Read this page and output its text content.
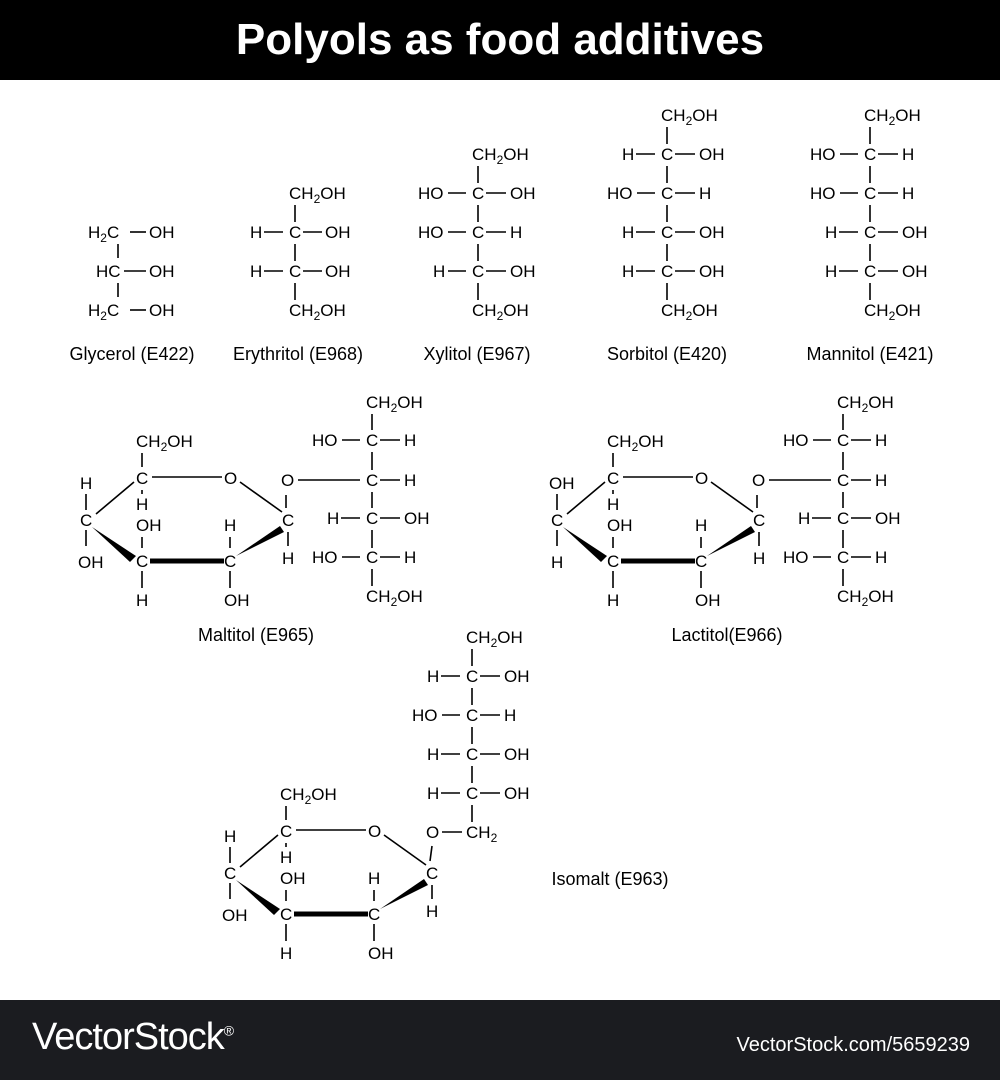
Polyols as food additives
$H_2C$
HC
$H_2C$
OH
OH
OH
Glycerol (E422)
$CH_2OH$
H C OH
H C OH
$CH_2OH$
Erythritol (E968)
$CH_2OH$
HO C OH
HO C H
H C OH
$CH_2OH$
Xylitol (E967)
$CH_2OH$
H C OH
HO C H
H C OH
H C OH
$CH_2OH$
Sorbitol (E420)
$CH_2OH$
HO C H
HO C H
H C OH
H C OH
$CH_2OH$
Mannitol (E421)
$CH_2OH$
C
H
O
C
H
O
H
C
OH C
OH
H
C
H
OH
$CH_2OH$
HO C H
C H
H C OH
HO C H
$CH_2OH$
Maltitol (E965)
$CH_2OH$
C
H
O
C
H
O
OH
C
H	C
OH
H
C
H
OH
$CH_2OH$
HO C H
C H
H C OH
HO C H
$CH_2OH$
Lactitol(E966)
$CH_2OH$
H C OH
HO C H
H C OH
H C OH
$CH_2$
O
$CH_2OH$
C
H
O
C
H
H
C
OH C
OH
H
C
H
OH
Isomalt (E963)
VectorStock®
VectorStock.com/5659239
